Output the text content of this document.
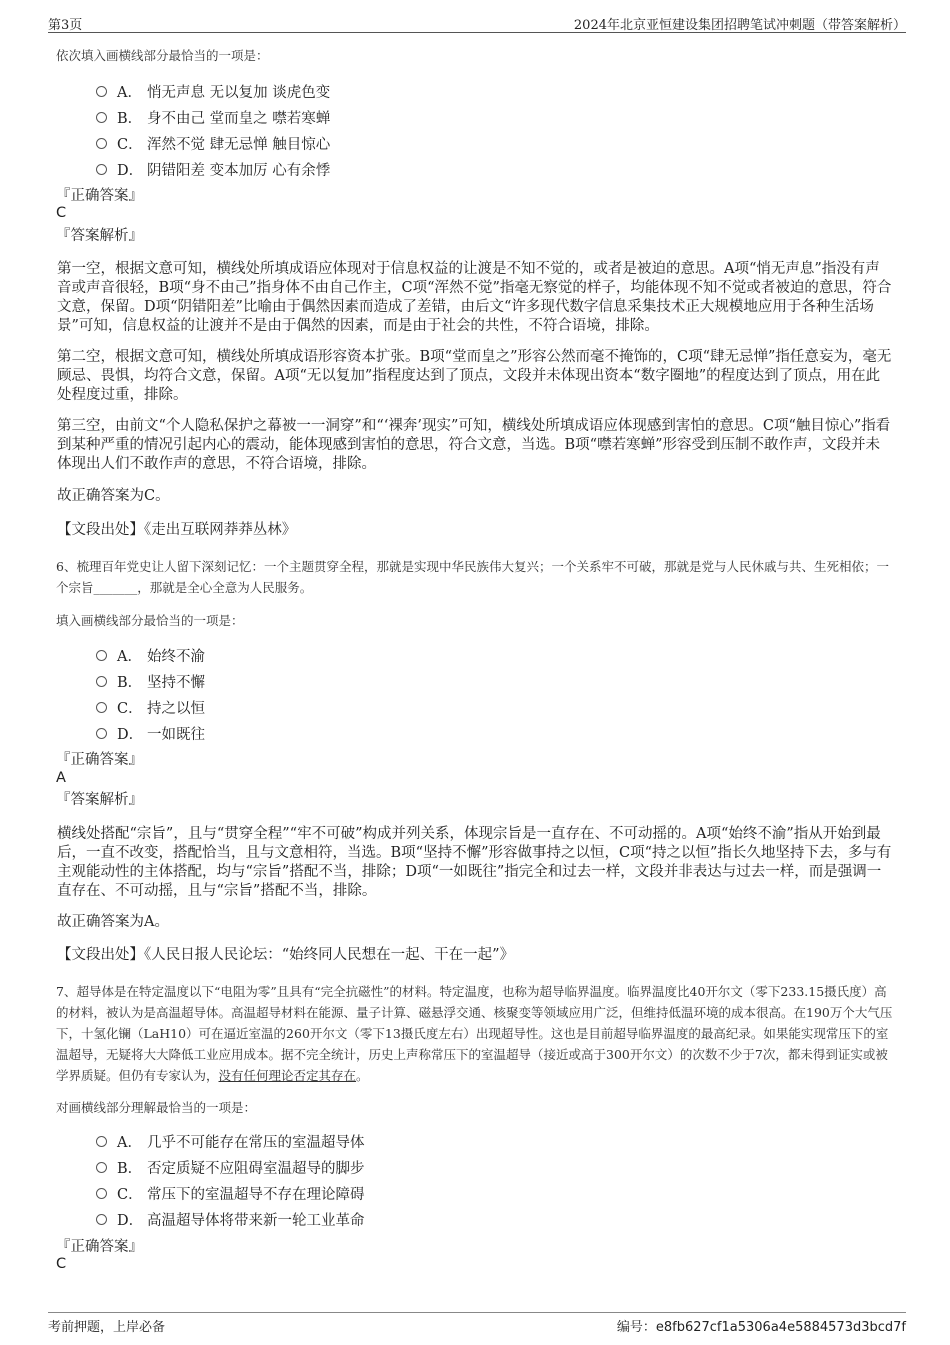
第3页	2024年北京亚恒建设集团招聘笔试冲刺题（带答案解析）
依次填入画横线部分最恰当的一项是：
A． 悄无声息 无以复加 谈虎色变
B． 身不由己 堂而皇之 噤若寒蝉
C． 浑然不觉 肆无忌惮 触目惊心
D． 阴错阳差 变本加厉 心有余悸
『正确答案』
C
『答案解析』
第一空，根据文意可知，横线处所填成语应体现对于信息权益的让渡是不知不觉的，或者是被迫的意思。A项“悄无声息”指没有声音或声音很轻，B项“身不由己”指身体不由自己作主，C项“浑然不觉”指毫无察觉的样子，均能体现不知不觉或者被迫的意思，符合文意，保留。D项“阴错阳差”比喻由于偶然因素而造成了差错，由后文“许多现代数字信息采集技术正大规模地应用于各种生活场景”可知，信息权益的让渡并不是由于偶然的因素，而是由于社会的共性，不符合语境，排除。
第二空，根据文意可知，横线处所填成语形容资本扩张。B项“堂而皇之”形容公然而毫不掩饰的，C项“肆无忌惮”指任意妄为，毫无顾忌、畏惧，均符合文意，保留。A项“无以复加”指程度达到了顶点，文段并未体现出资本“数字圈地”的程度达到了顶点，用在此处程度过重，排除。
第三空，由前文“个人隐私保护之幕被一一洞穿”和“‘裸奔’现实”可知，横线处所填成语应体现感到害怕的意思。C项“触目惊心”指看到某种严重的情况引起内心的震动，能体现感到害怕的意思，符合文意，当选。B项“噤若寒蝉”形容受到压制不敢作声，文段并未体现出人们不敢作声的意思，不符合语境，排除。
故正确答案为C。
【文段出处】《走出互联网莽莽丛林》
6、梳理百年党史让人留下深刻记忆：一个主题贯穿全程，那就是实现中华民族伟大复兴；一个关系牢不可破，那就是党与人民休戚与共、生死相依；一个宗旨_______，那就是全心全意为人民服务。
填入画横线部分最恰当的一项是：
A． 始终不渝
B． 坚持不懈
C． 持之以恒
D． 一如既往
『正确答案』
A
『答案解析』
横线处搭配“宗旨”，且与“贯穿全程”“牢不可破”构成并列关系，体现宗旨是一直存在、不可动摇的。A项“始终不渝”指从开始到最后，一直不改变，搭配恰当，且与文意相符，当选。B项“坚持不懈”形容做事持之以恒，C项“持之以恒”指长久地坚持下去，多与有主观能动性的主体搭配，均与“宗旨”搭配不当，排除；D项“一如既往”指完全和过去一样，文段并非表达与过去一样，而是强调一直存在、不可动摇，且与“宗旨”搭配不当，排除。
故正确答案为A。
【文段出处】《人民日报人民论坛：“始终同人民想在一起、干在一起”》
7、超导体是在特定温度以下“电阻为零”且具有“完全抗磁性”的材料。特定温度，也称为超导临界温度。临界温度比40开尔文（零下233.15摄氏度）高的材料，被认为是高温超导体。高温超导材料在能源、量子计算、磁悬浮交通、核聚变等领域应用广泛，但维持低温环境的成本很高。在190万个大气压下，十氢化镧（LaH10）可在逼近室温的260开尔文（零下13摄氏度左右）出现超导性。这也是目前超导临界温度的最高纪录。如果能实现常压下的室温超导，无疑将大大降低工业应用成本。据不完全统计，历史上声称常压下的室温超导（接近或高于300开尔文）的次数不少于7次，都未得到证实或被学界质疑。但仍有专家认为，没有任何理论否定其存在。
对画横线部分理解最恰当的一项是：
A． 几乎不可能存在常压的室温超导体
B． 否定质疑不应阻碍室温超导的脚步
C． 常压下的室温超导不存在理论障碍
D． 高温超导体将带来新一轮工业革命
『正确答案』
C
考前押题，上岸必备	编号：e8fb627cf1a5306a4e5884573d3bcd7f
